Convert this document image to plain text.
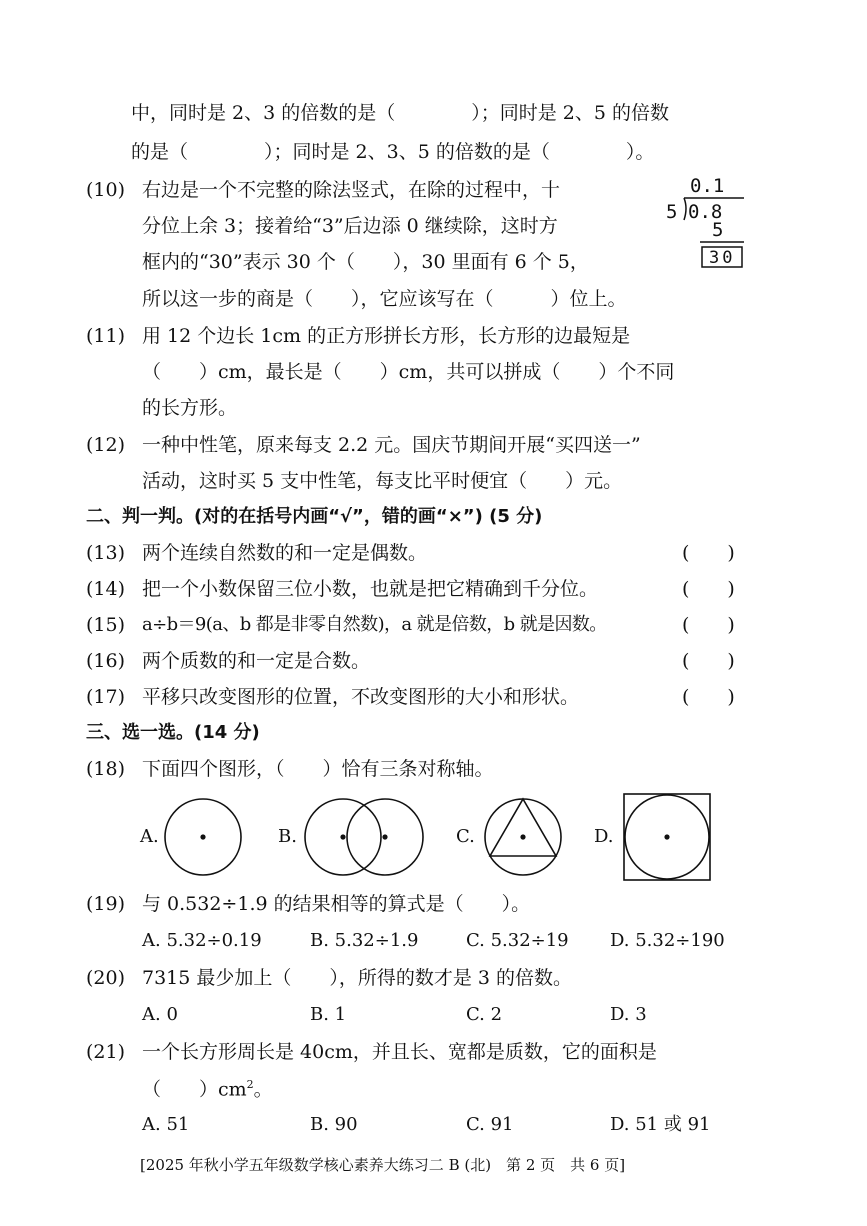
中，同时是 2、3 的倍数的是（　　　　）；同时是 2、5 的倍数
的是（　　　　）；同时是 2、3、5 的倍数的是（　　　　）。
(10) 右边是一个不完整的除法竖式，在除的过程中，十
分位上余 3；接着给“3”后边添 0 继续除，这时方
框内的“30”表示 30 个（　　），30 里面有 6 个 5，
所以这一步的商是（　　），它应该写在（　　　）位上。
0.1
5 0.8
5
30
(11) 用 12 个边长 1cm 的正方形拼长方形，长方形的边最短是
（　　）cm，最长是（　　）cm，共可以拼成（　　）个不同
的长方形。
(12) 一种中性笔，原来每支 2.2 元。国庆节期间开展“买四送一”
活动，这时买 5 支中性笔，每支比平时便宜（　　）元。
二、判一判。(对的在括号内画“√”，错的画“×”) (5 分)
(13) 两个连续自然数的和一定是偶数。	(　　)
(14) 把一个小数保留三位小数，也就是把它精确到千分位。	(　　)
(15) a÷b＝9(a、b 都是非零自然数)，a 就是倍数，b 就是因数。	(　　)
(16) 两个质数的和一定是合数。	(　　)
(17) 平移只改变图形的位置，不改变图形的大小和形状。	(　　)
三、选一选。(14 分)
(18) 下面四个图形，（　　）恰有三条对称轴。
A.	B.	C.	D.
(19) 与 0.532÷1.9 的结果相等的算式是（　　）。
A. 5.32÷0.19	B. 5.32÷1.9	C. 5.32÷19 D. 5.32÷190
(20) 7315 最少加上（　　），所得的数才是 3 的倍数。
A. 0	B. 1	C. 2	D. 3
(21) 一个长方形周长是 40cm，并且长、宽都是质数，它的面积是
（　　）$cm^2$。
A. 51	B. 90	C. 91	D. 51 或 91
[2025 年秋小学五年级数学核心素养大练习二 B (北)　第 2 页　共 6 页]
